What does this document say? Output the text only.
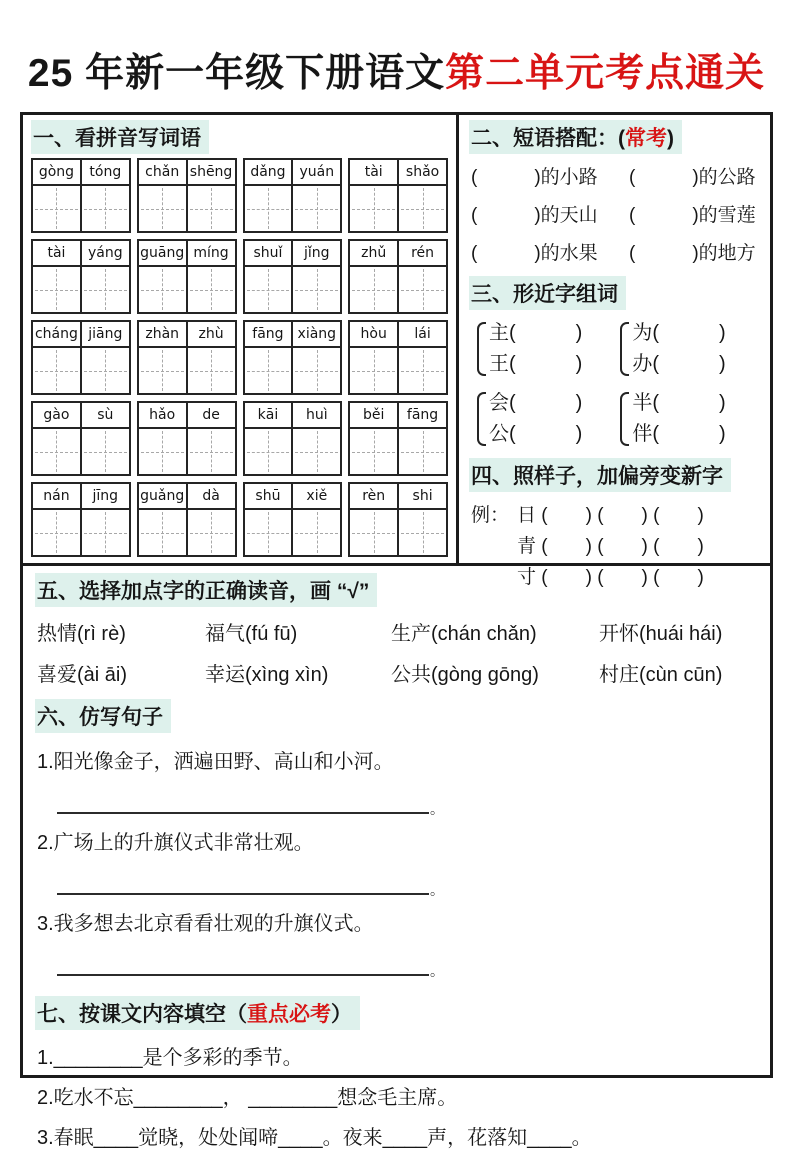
25 年新一年级下册语文第二单元考点通关
一、看拼音写词语
gòng	tóng	chǎn shēng	dǎng yuán	tài	shǎo
tài	yáng	guāng míng	shuǐ	jǐng	zhǔ	rén
cháng jiāng	zhàn	zhù	fāng xiàng	hòu	lái
gào	sù	hǎo	de	kāi	huì	běi	fāng
nán	jīng	guǎng	dà	shū	xiě	rèn	shi
二、短语搭配：(常考)
(　　　)的小路	(　　　)的公路
(　　　)的天山	(　　　)的雪莲
(　　　)的水果	(　　　)的地方
三、形近字组词
主(　　　)
王(　　　)
为(　　　)
办(　　　)
会(　　　)
公(　　　)
半(　　　)
伴(　　　)
四、照样子，加偏旁变新字
例： 日 (　　) (　　) (　　)
青 (　　) (　　) (　　)
寸 (　　) (　　) (　　)
五、选择加点字的正确读音，画 “√”
热情(rì rè)	福气(fú fū)	生产(chán chǎn)	开怀(huái hái)
喜爱(ài āi)	幸运(xìng xìn)	公共(gòng gōng)	村庄(cùn cūn)
六、仿写句子
1.阳光像金子，洒遍田野、高山和小河。
。
2.广场上的升旗仪式非常壮观。
。
3.我多想去北京看看壮观的升旗仪式。
。
七、按课文内容填空（重点必考）
1.________是个多彩的季节。
2.吃水不忘________， ________想念毛主席。
3.春眠____觉晓，处处闻啼____。夜来____声，花落知____。
